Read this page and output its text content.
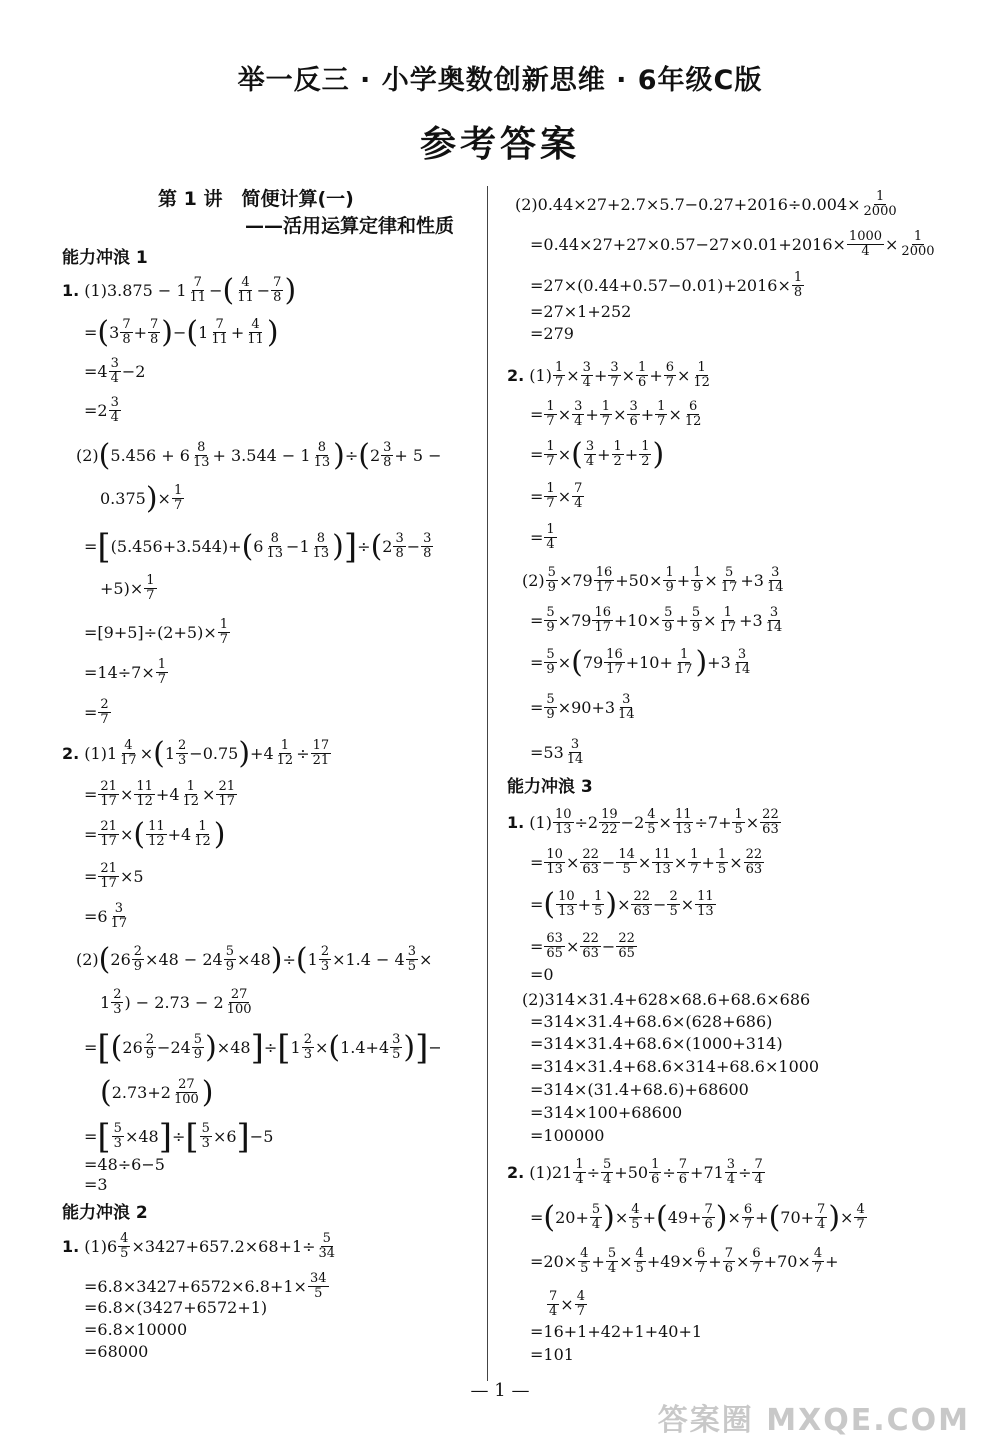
举一反三 · 小学奥数创新思维 · 6年级C版
参考答案
第 1 讲　简便计算(一)
——活用运算定律和性质
能力冲浪 1
1. (1)3.875 − 1 7
11 − ( 4
11 − 7
8 )
= ( 3 7
8 + 7
8 ) − ( 1 7
11 + 4
11 )
=4 3
4 −2
=2 3
4
(2) ( 5.456 + 6 8
13 + 3.544 − 1 8
13 ) ÷ ( 2 3
8 + 5 −
0.375 ) × 1
7
= [ (5.456+3.544)+ ( 6 8
13 −1 8
13 ) ] ÷ ( 2 3
8 − 3
8
+5)× 1
7
=[9+5]÷(2+5)× 1
7
=14÷7× 1
7
= 2
7
2. (1)1 4
17 × ( 1 2
3 −0.75 ) +4 1
12 ÷ 17
21
= 21
17 × 11
12 +4 1
12 × 21
17
= 21
17 × ( 11
12 +4 1
12 )
= 21
17 ×5
=6 3
17
(2) ( 26 2
9 ×48 − 24 5
9 ×48 ) ÷ ( 1 2
3 ×1.4 − 4 3
5 ×
1 2
3 ) − 2.73 − 2 27
100
= [ ( 26 2
9 −24 5
9 ) ×48 ] ÷ [ 1 2
3 × ( 1.4+4 3
5 ) ] −
( 2.73+2 27
100 )
= [ 5
3 ×48 ] ÷ [ 5
3 ×6 ] −5
=48÷6−5
=3
能力冲浪 2
1. (1)6 4
5 ×3427+657.2×68+1÷ 5
34
=6.8×3427+6572×6.8+1× 34
5
=6.8×(3427+6572+1)
=6.8×10000
=68000
(2)0.44×27+2.7×5.7−0.27+2016÷0.004× 1
2000
=0.44×27+27×0.57−27×0.01+2016× 1000
4 × 1
2000
=27×(0.44+0.57−0.01)+2016× 1
8
=27×1+252
=279
2. (1) 1
7 × 3
4 + 3
7 × 1
6 + 6
7 × 1
12
= 1
7 × 3
4 + 1
7 × 3
6 + 1
7 × 6
12
= 1
7 × ( 3
4 + 1
2 + 1
2 )
= 1
7 × 7
4
= 1
4
(2) 5
9 ×79 16
17 +50× 1
9 + 1
9 × 5
17 +3 3
14
= 5
9 ×79 16
17 +10× 5
9 + 5
9 × 1
17 +3 3
14
= 5
9 × ( 79 16
17 +10+ 1
17 ) +3 3
14
= 5
9 ×90+3 3
14
=53 3
14
能力冲浪 3
1. (1) 10
13 ÷2 19
22 −2 4
5 × 11
13 ÷7+ 1
5 × 22
63
= 10
13 × 22
63 − 14
5 × 11
13 × 1
7 + 1
5 × 22
63
= ( 10
13 + 1
5 ) × 22
63 − 2
5 × 11
13
= 63
65 × 22
63 − 22
65
=0
(2)314×31.4+628×68.6+68.6×686
=314×31.4+68.6×(628+686)
=314×31.4+68.6×(1000+314)
=314×31.4+68.6×314+68.6×1000
=314×(31.4+68.6)+68600
=314×100+68600
=100000
2. (1)21 1
4 ÷ 5
4 +50 1
6 ÷ 7
6 +71 3
4 ÷ 7
4
= ( 20+ 5
4 ) × 4
5 + ( 49+ 7
6 ) × 6
7 + ( 70+ 7
4 ) × 4
7
=20× 4
5 + 5
4 × 4
5 +49× 6
7 + 7
6 × 6
7 +70× 4
7 +
7
4 × 4
7
=16+1+42+1+40+1
=101
— 1 —
答案圈 MXQE.COM
